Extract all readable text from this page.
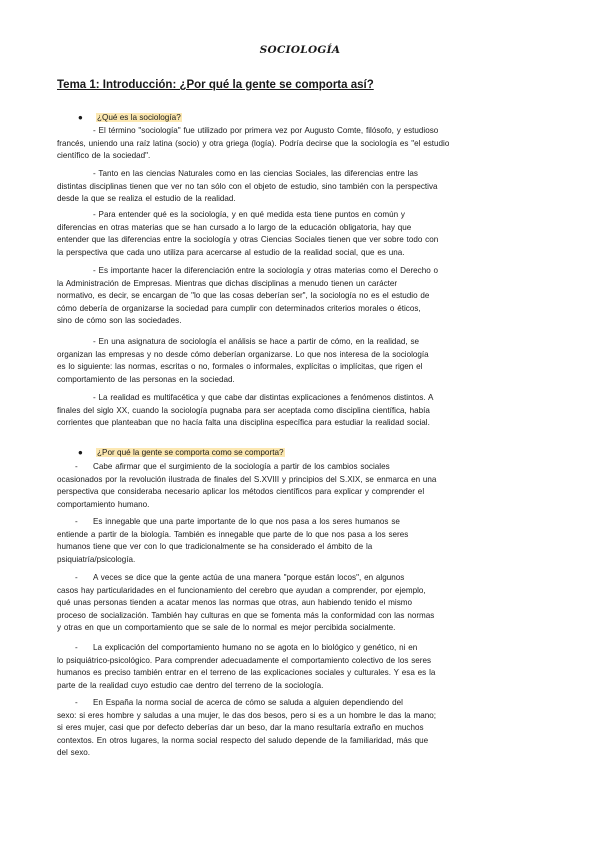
SOCIOLOGÍA
Tema 1: Introducción: ¿Por qué la gente se comporta así?
● ¿Qué es la sociología?
- El término "sociología" fue utilizado por primera vez por Augusto Comte, filósofo, y estudioso
francés, uniendo una raíz latina (socio) y otra griega (logía). Podría decirse que la sociología es "el estudio
científico de la sociedad".
- Tanto en las ciencias Naturales como en las ciencias Sociales, las diferencias entre las
distintas disciplinas tienen que ver no tan sólo con el objeto de estudio, sino también con la perspectiva
desde la que se realiza el estudio de la realidad.
- Para entender qué es la sociología, y en qué medida esta tiene puntos en común y
diferencias en otras materias que se han cursado a lo largo de la educación obligatoria, hay que
entender que las diferencias entre la sociología y otras Ciencias Sociales tienen que ver sobre todo con
la perspectiva que cada uno utiliza para acercarse al estudio de la realidad social, que es una.
- Es importante hacer la diferenciación entre la sociología y otras materias como el Derecho o
la Administración de Empresas. Mientras que dichas disciplinas a menudo tienen un carácter
normativo, es decir, se encargan de "lo que las cosas deberían ser", la sociología no es el estudio de
cómo debería de organizarse la sociedad para cumplir con determinados criterios morales o éticos,
sino de cómo son las sociedades.
- En una asignatura de sociología el análisis se hace a partir de cómo, en la realidad, se
organizan las empresas y no desde cómo deberían organizarse. Lo que nos interesa de la sociología
es lo siguiente: las normas, escritas o no, formales o informales, explícitas o implícitas, que rigen el
comportamiento de las personas en la sociedad.
- La realidad es multifacética y que cabe dar distintas explicaciones a fenómenos distintos. A
finales del siglo XX, cuando la sociología pugnaba para ser aceptada como disciplina científica, había
corrientes que planteaban que no hacía falta una disciplina específica para estudiar la realidad social.
● ¿Por qué la gente se comporta como se comporta?
- Cabe afirmar que el surgimiento de la sociología a partir de los cambios sociales
ocasionados por la revolución ilustrada de finales del S.XVIII y principios del S.XIX, se enmarca en una
perspectiva que consideraba necesario aplicar los métodos científicos para explicar y comprender el
comportamiento humano.
- Es innegable que una parte importante de lo que nos pasa a los seres humanos se
entiende a partir de la biología. También es innegable que parte de lo que nos pasa a los seres
humanos tiene que ver con lo que tradicionalmente se ha considerado el ámbito de la
psiquiatría/psicología.
- A veces se dice que la gente actúa de una manera "porque están locos", en algunos
casos hay particularidades en el funcionamiento del cerebro que ayudan a comprender, por ejemplo,
qué unas personas tienden a acatar menos las normas que otras, aun habiendo tenido el mismo
proceso de socialización. También hay culturas en que se fomenta más la conformidad con las normas
y otras en que un comportamiento que se sale de lo normal es mejor percibida socialmente.
- La explicación del comportamiento humano no se agota en lo biológico y genético, ni en
lo psiquiátrico-psicológico. Para comprender adecuadamente el comportamiento colectivo de los seres
humanos es preciso también entrar en el terreno de las explicaciones sociales y culturales. Y esa es la
parte de la realidad cuyo estudio cae dentro del terreno de la sociología.
- En España la norma social de acerca de cómo se saluda a alguien dependiendo del
sexo: si eres hombre y saludas a una mujer, le das dos besos, pero si es a un hombre le das la mano;
si eres mujer, casi que por defecto deberías dar un beso, dar la mano resultaría extraño en muchos
contextos. En otros lugares, la norma social respecto del saludo depende de la familiaridad, más que
del sexo.
